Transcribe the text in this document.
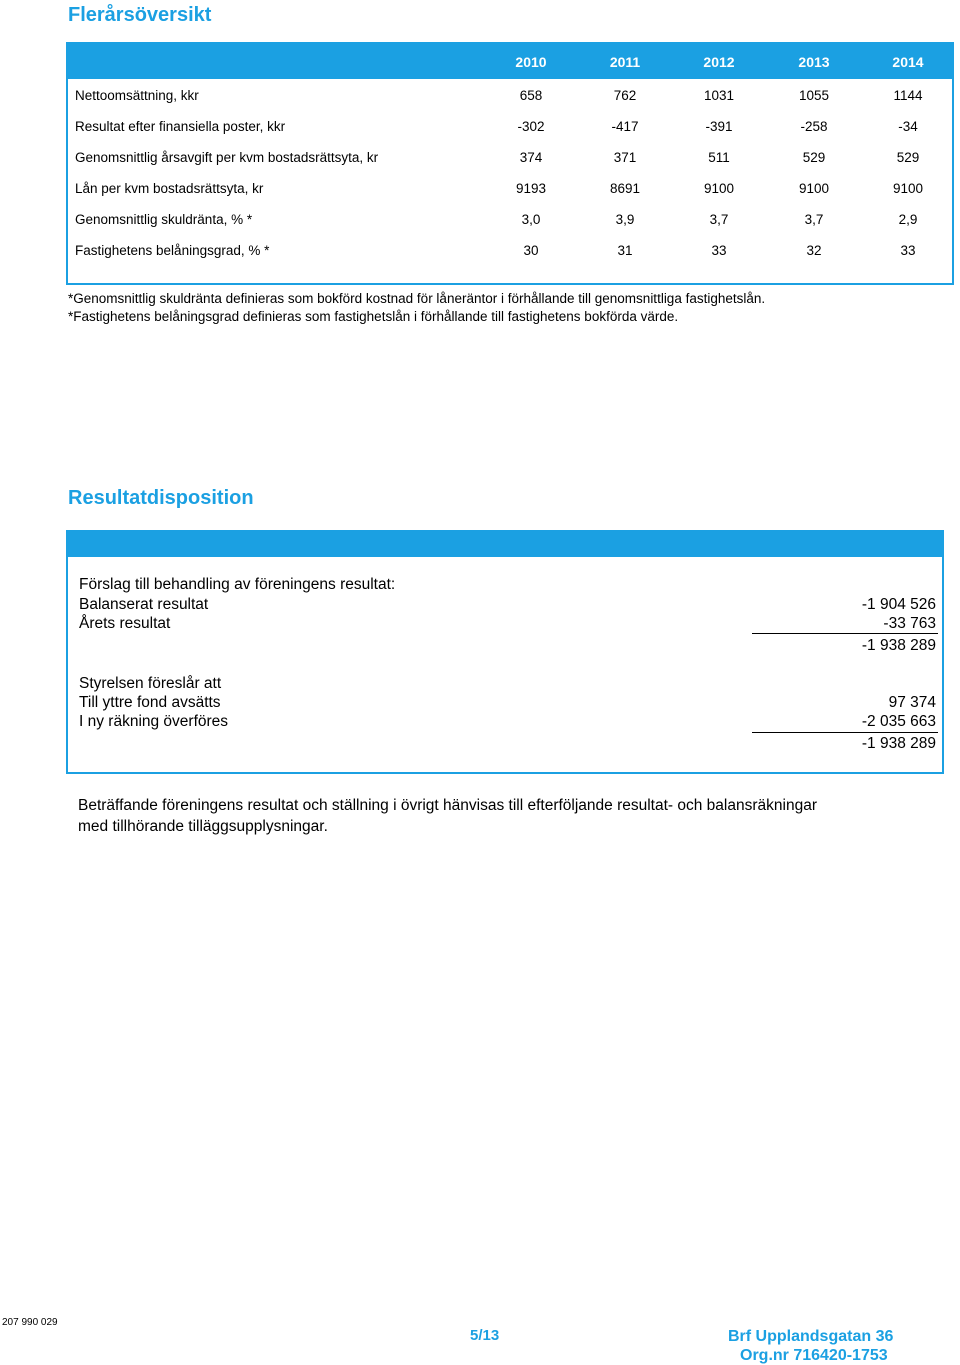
Flerårsöversikt
2010	2011	2012	2013	2014
Nettoomsättning, kkr	658	762	1031	1055	1144
Resultat efter finansiella poster, kkr	-302	-417	-391	-258	-34
Genomsnittlig årsavgift per kvm bostadsrättsyta, kr	374	371	511	529	529
Lån per kvm bostadsrättsyta, kr	9193	8691	9100	9100	9100
Genomsnittlig skuldränta, % *	3,0	3,9	3,7	3,7	2,9
Fastighetens belåningsgrad, % *	30	31	33	32	33
*Genomsnittlig skuldränta definieras som bokförd kostnad för låneräntor i förhållande till genomsnittliga fastighetslån.
*Fastighetens belåningsgrad definieras som fastighetslån i förhållande till fastighetens bokförda värde.
Resultatdisposition
Förslag till behandling av föreningens resultat:
Balanserat resultat	-1 904 526
Årets resultat	-33 763
-1 938 289
Styrelsen föreslår att
Till yttre fond avsätts	97 374
I ny räkning överföres	-2 035 663
-1 938 289
Beträffande föreningens resultat och ställning i övrigt hänvisas till efterföljande resultat- och balansräkningar
med tillhörande tilläggsupplysningar.
207 990 029
5/13	Brf Upplandsgatan 36
Org.nr 716420-1753
